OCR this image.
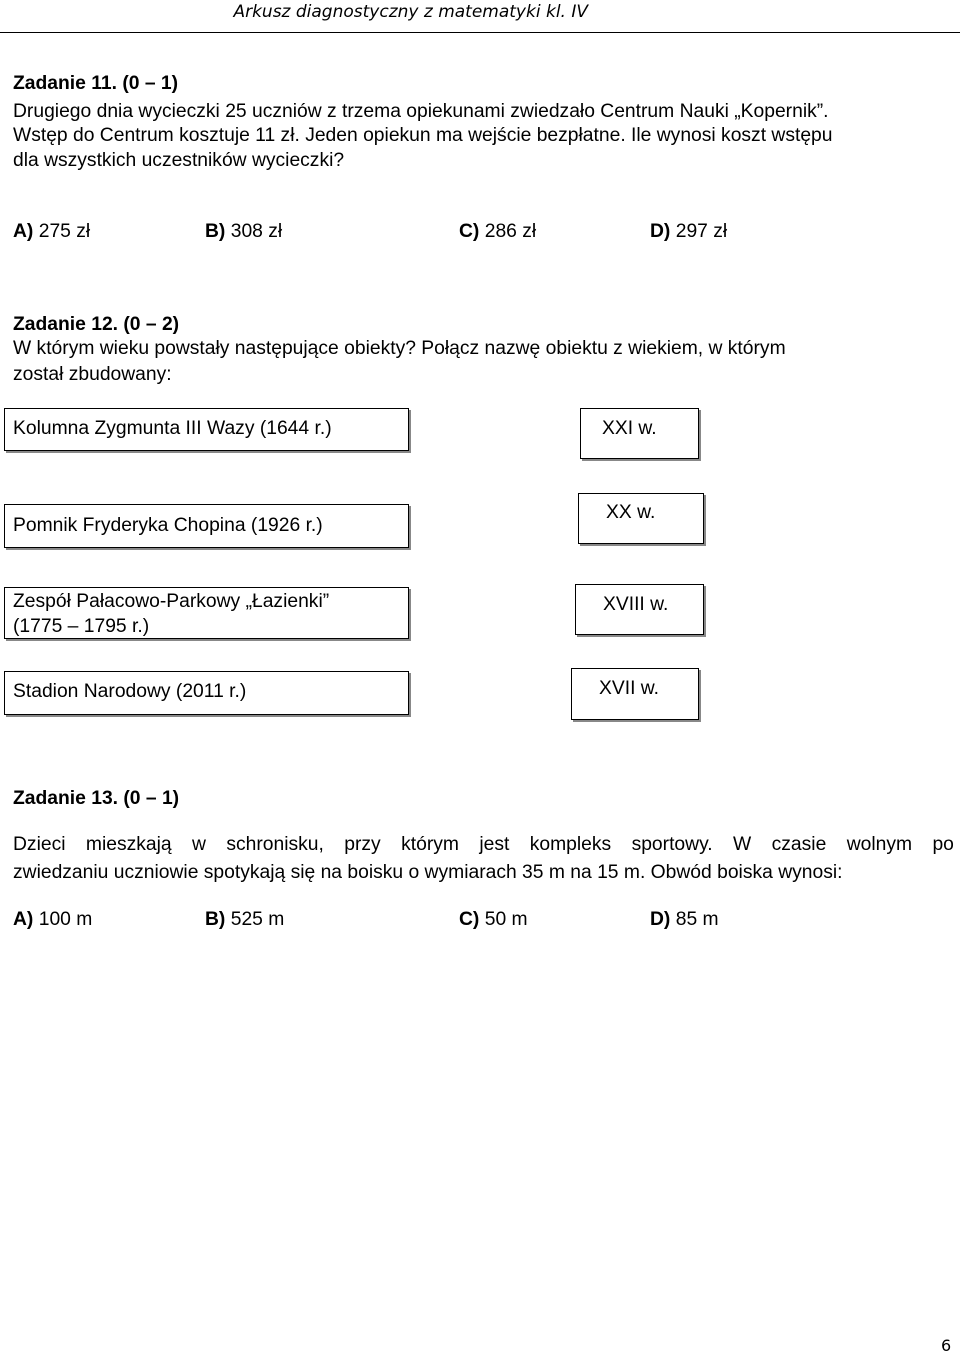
Arkusz diagnostyczny z matematyki kl. IV
Zadanie 11. (0 – 1)
Drugiego dnia wycieczki 25 uczniów z trzema opiekunami zwiedzało Centrum Nauki „Kopernik”.
Wstęp do Centrum kosztuje 11 zł. Jeden opiekun ma wejście bezpłatne. Ile wynosi koszt wstępu
dla wszystkich uczestników wycieczki?
A) 275 zł	B) 308 zł	C) 286 zł	D) 297 zł
Zadanie 12. (0 – 2)
W którym wieku powstały następujące obiekty? Połącz nazwę obiektu z wiekiem, w którym
został zbudowany:
Kolumna Zygmunta III Wazy (1644 r.)
Pomnik Fryderyka Chopina (1926 r.)
Zespół Pałacowo-Parkowy „Łazienki”
(1775 – 1795 r.)
Stadion Narodowy (2011 r.)
XXI w.
XX w.
XVIII w.
XVII w.
Zadanie 13. (0 – 1)
Dzieci mieszkają w schronisku, przy którym jest kompleks sportowy. W czasie wolnym po
zwiedzaniu uczniowie spotykają się na boisku o wymiarach 35 m na 15 m. Obwód boiska wynosi:
A) 100 m	B) 525 m	C) 50 m	D) 85 m
6
